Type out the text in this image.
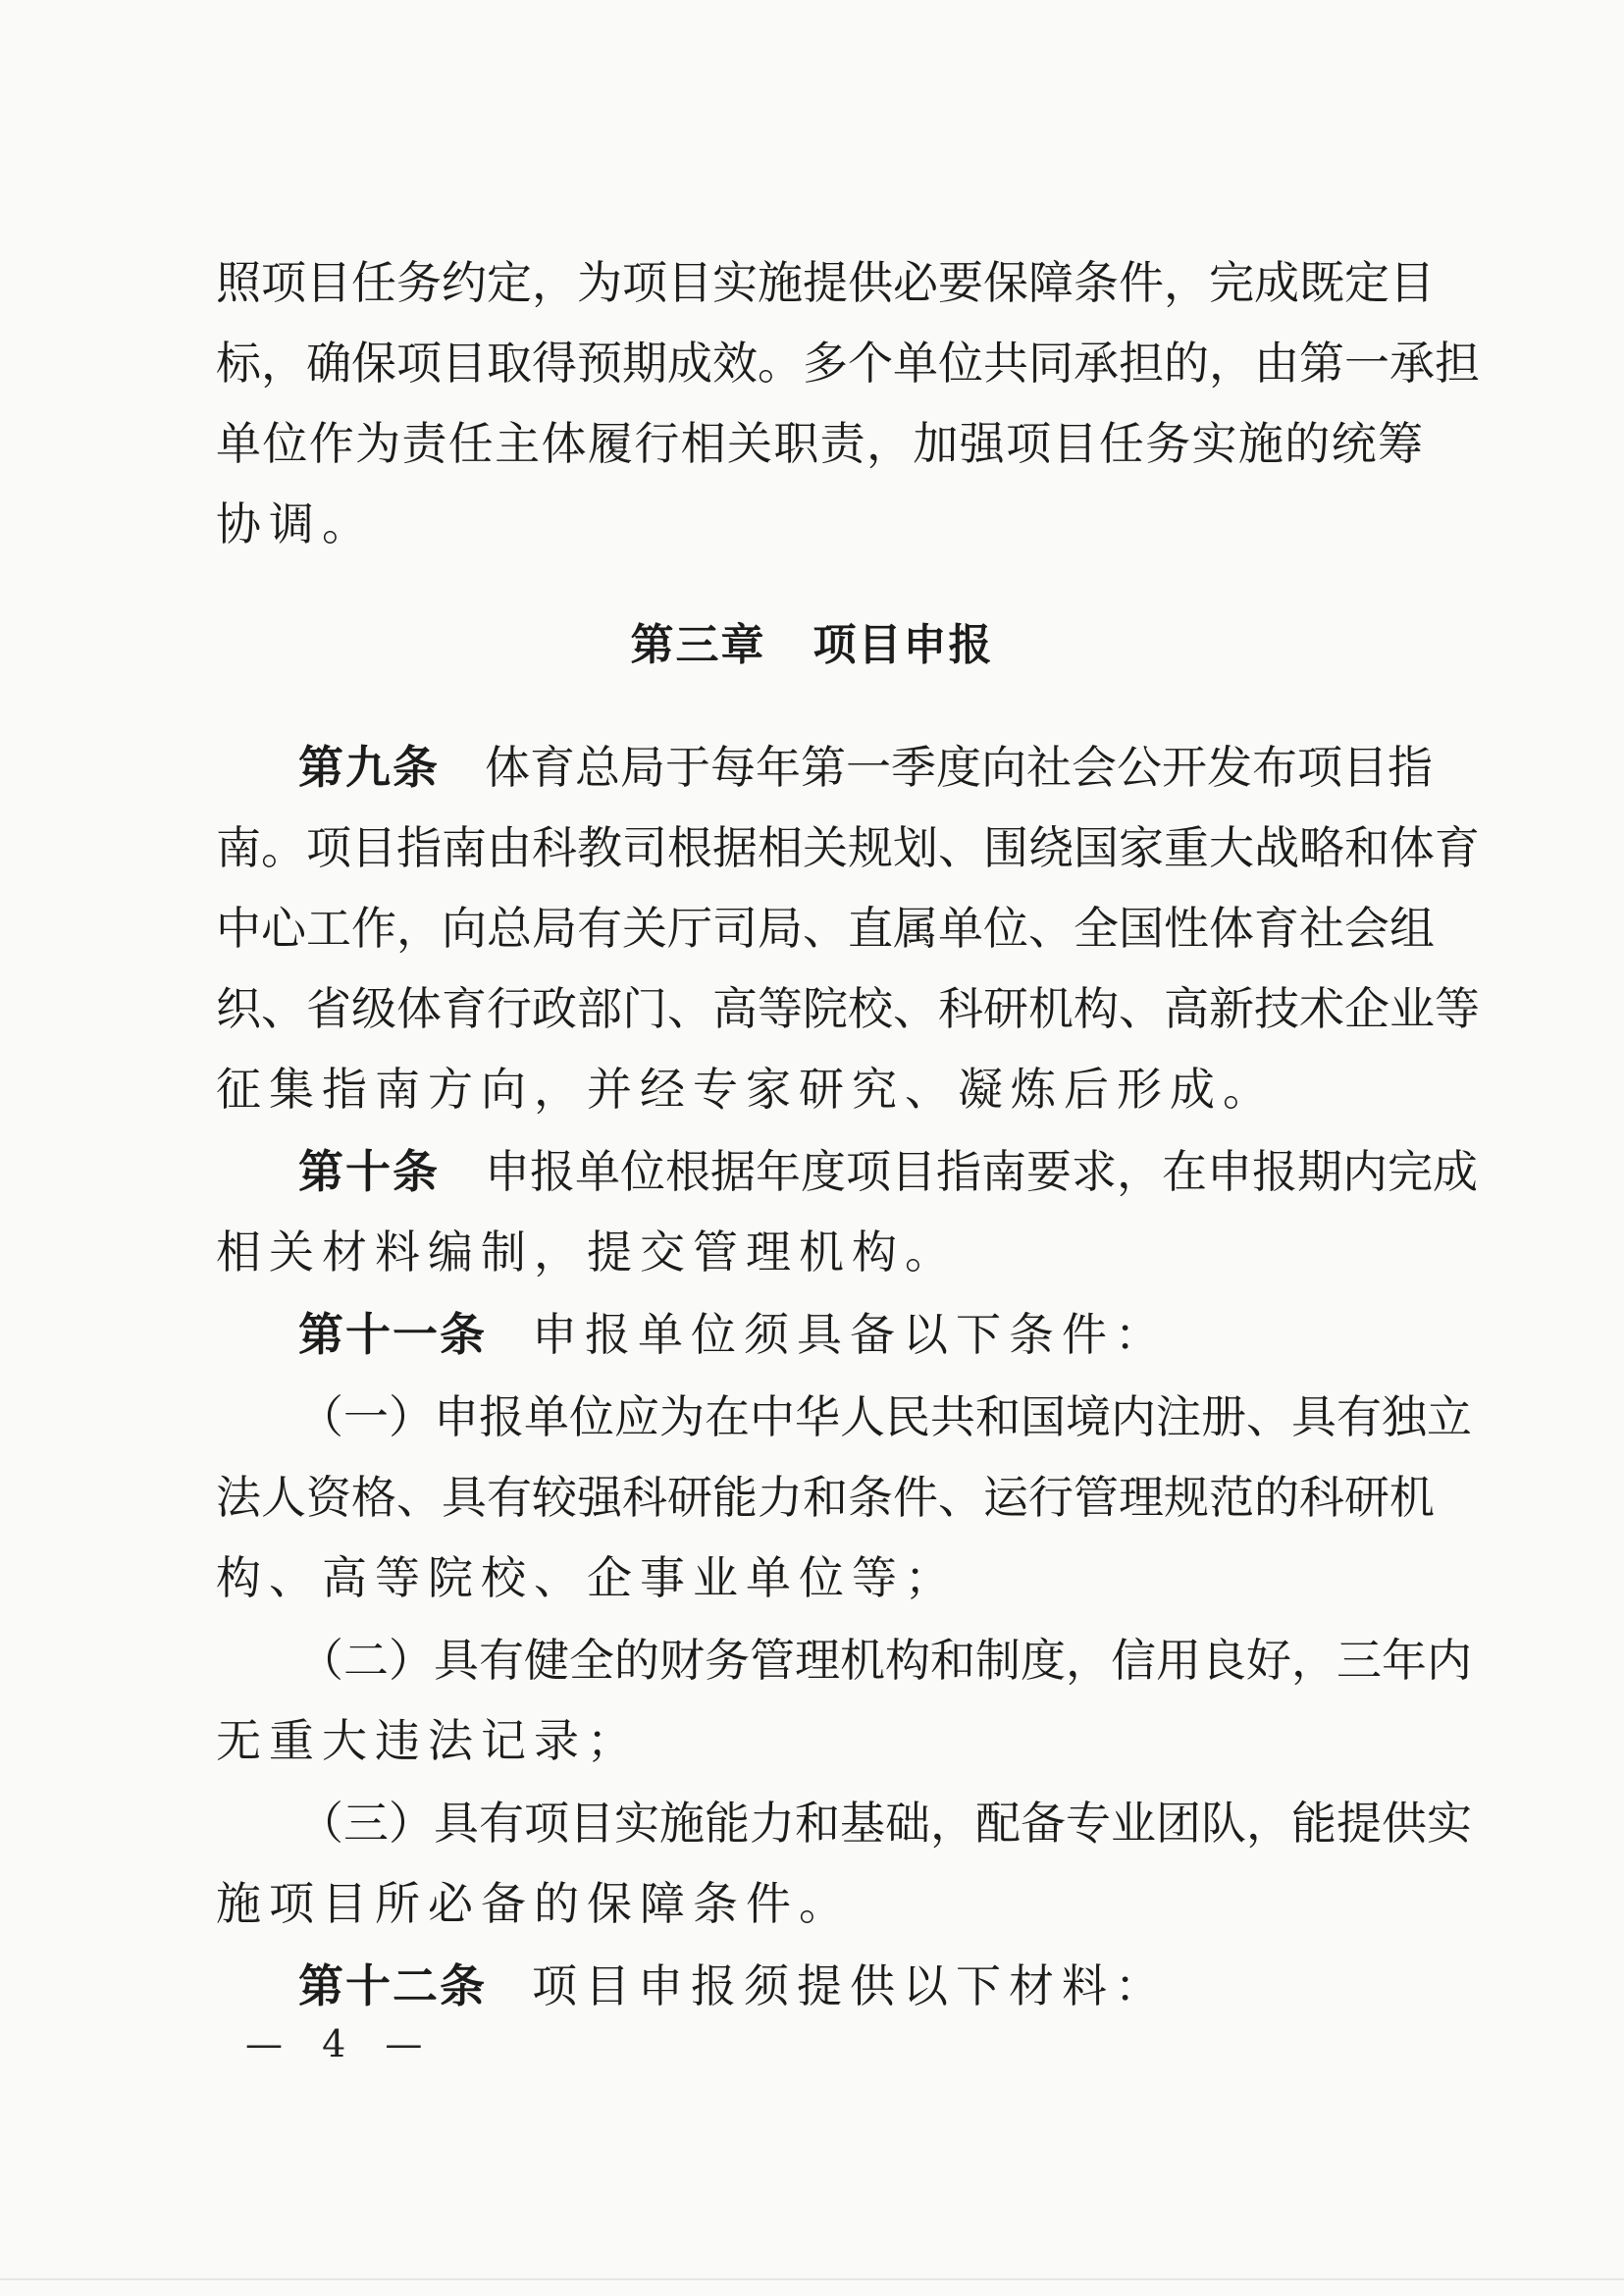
照项目任务约定，为项目实施提供必要保障条件，完成既定目

标，确保项目取得预期成效。多个单位共同承担的，由第一承担

单位作为责任主体履行相关职责，加强项目任务实施的统筹

协调。

第三章 项目申报

第九条 体育总局于每年第一季度向社会公开发布项目指

南。项目指南由科教司根据相关规划、围绕国家重大战略和体育

中心工作，向总局有关厅司局、直属单位、全国性体育社会组

织、省级体育行政部门、高等院校、科研机构、高新技术企业等

征集指南方向，并经专家研究、凝炼后形成。

第十条 申报单位根据年度项目指南要求，在申报期内完成

相关材料编制，提交管理机构。

第十一条 申报单位须具备以下条件：

（一）申报单位应为在中华人民共和国境内注册、具有独立

法人资格、具有较强科研能力和条件、运行管理规范的科研机

构、高等院校、企事业单位等；

（二）具有健全的财务管理机构和制度，信用良好，三年内

无重大违法记录；

（三）具有项目实施能力和基础，配备专业团队，能提供实

施项目所必备的保障条件。

第十二条 项目申报须提供以下材料：

— 4 —
